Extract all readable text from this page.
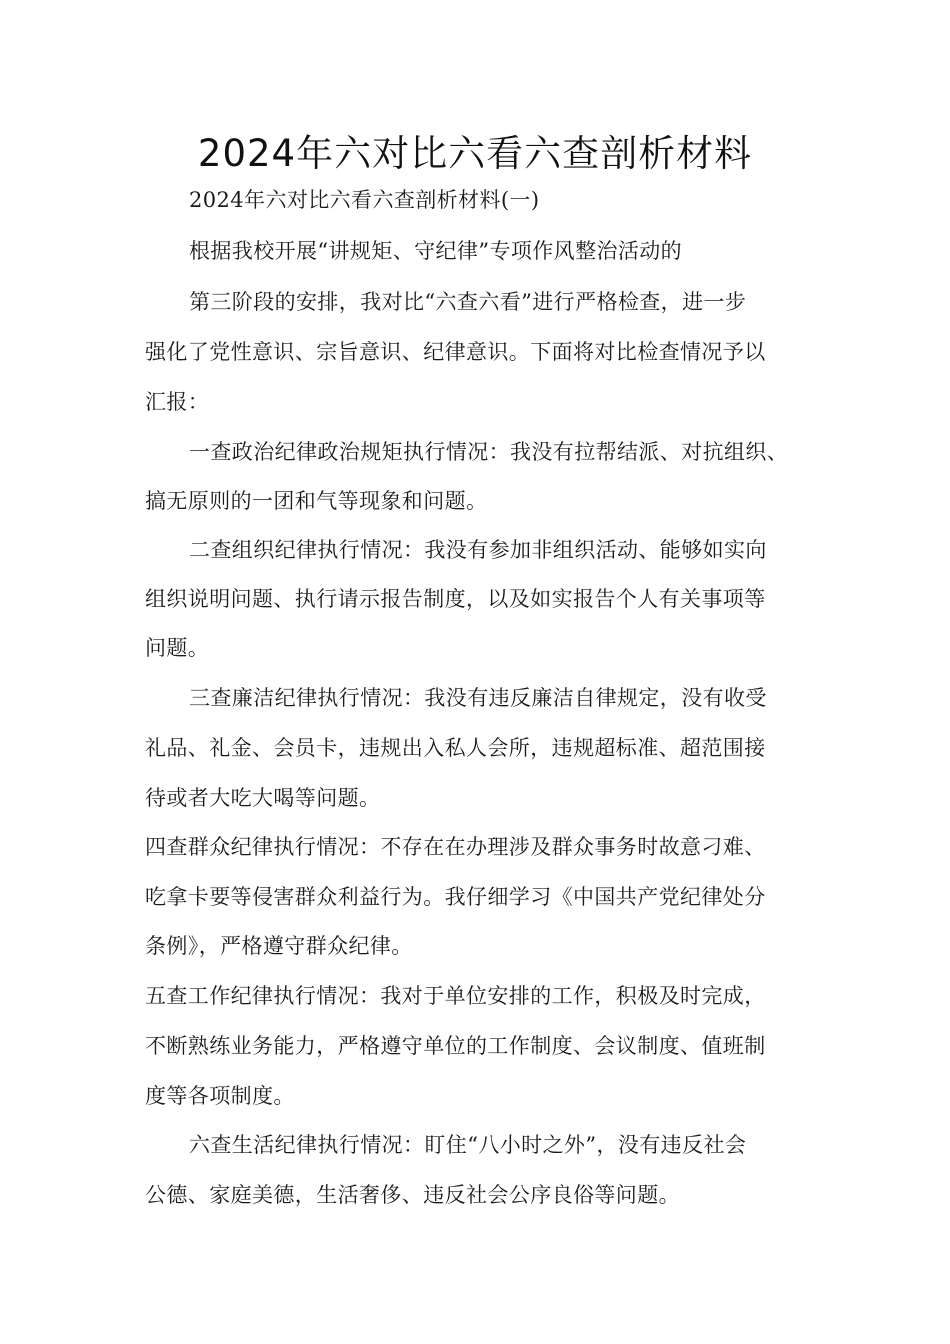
2024年六对比六看六查剖析材料

2024年六对比六看六查剖析材料(一)

根据我校开展“讲规矩、守纪律”专项作风整治活动的

第三阶段的安排，我对比“六查六看”进行严格检查，进一步

强化了党性意识、宗旨意识、纪律意识。下面将对比检查情况予以

汇报：

一查政治纪律政治规矩执行情况：我没有拉帮结派、对抗组织、

搞无原则的一团和气等现象和问题。

二查组织纪律执行情况：我没有参加非组织活动、能够如实向

组织说明问题、执行请示报告制度，以及如实报告个人有关事项等

问题。

三查廉洁纪律执行情况：我没有违反廉洁自律规定，没有收受

礼品、礼金、会员卡，违规出入私人会所，违规超标准、超范围接

待或者大吃大喝等问题。

四查群众纪律执行情况：不存在在办理涉及群众事务时故意刁难、

吃拿卡要等侵害群众利益行为。我仔细学习《中国共产党纪律处分

条例》，严格遵守群众纪律。

五查工作纪律执行情况：我对于单位安排的工作，积极及时完成，

不断熟练业务能力，严格遵守单位的工作制度、会议制度、值班制

度等各项制度。

六查生活纪律执行情况：盯住“八小时之外”，没有违反社会

公德、家庭美德，生活奢侈、违反社会公序良俗等问题。
